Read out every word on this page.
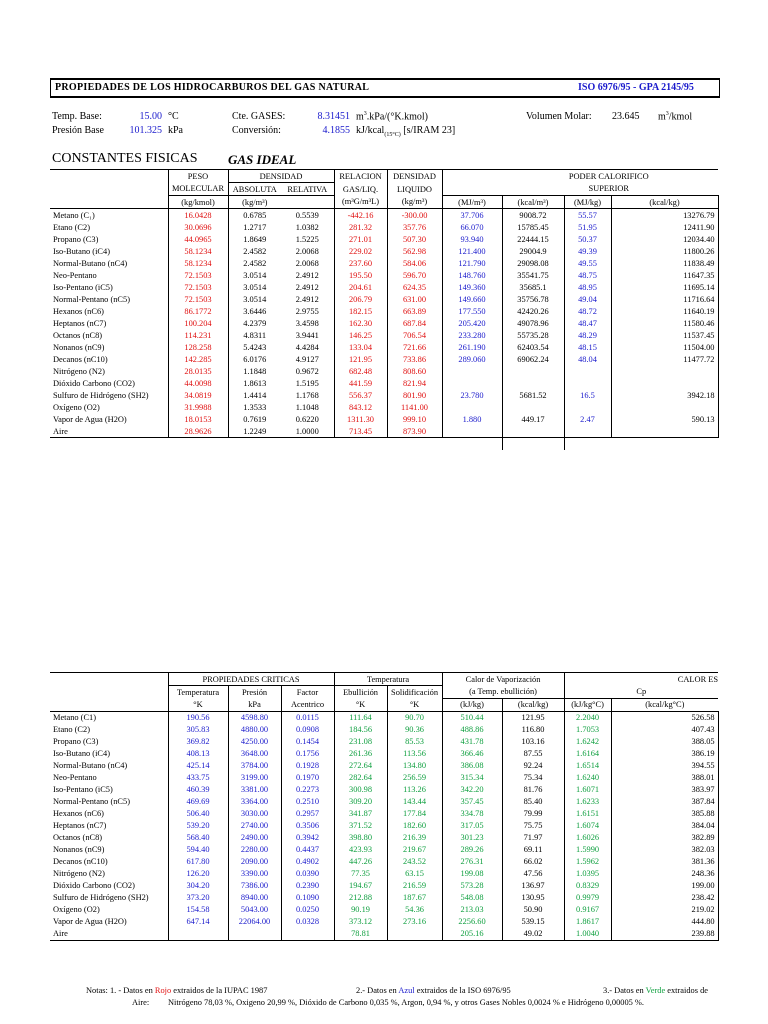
PROPIEDADES DE LOS HIDROCARBUROS DEL GAS NATURAL	ISO 6976/95 - GPA 2145/95
Temp. Base:	15.00 °C
Presión Base	101.325 kPa
Cte. GASES:	8.31451 $m^3.kPa/(^\circ K.kmol)$
Conversión:	4.1855 kJ/kcal$_{(15^\circ C)}$ [s/IRAM 23]
Volumen Molar: 23.645 $m^3$/kmol
CONSTANTES FISICAS GAS IDEAL
	PESO	DENSIDAD		RELACION	DENSIDAD	PODER CALORIFICO			
	MOLECULAR	ABSOLUTA	RELATIVA	GAS/LIQ.	LIQUIDO	SUPERIOR			
	(kg/kmol)	(kg/m³)		(m³G/m³L)	(kg/m³)	(MJ/m³)	(kcal/m³)	(MJ/kg)	(kcal/kg)
Metano (C₁)	16.0428	0.6785	0.5539	-442.16	-300.00	37.706	9008.72	55.57	13276.79
Etano (C2)	30.0696	1.2717	1.0382	281.32	357.76	66.070	15785.45	51.95	12411.90
Propano (C3)	44.0965	1.8649	1.5225	271.01	507.30	93.940	22444.15	50.37	12034.40
Iso-Butano (iC4)	58.1234	2.4582	2.0068	229.02	562.98	121.400	29004.9	49.39	11800.26
Normal-Butano (nC4)	58.1234	2.4582	2.0068	237.60	584.06	121.790	29098.08	49.55	11838.49
Neo-Pentano	72.1503	3.0514	2.4912	195.50	596.70	148.760	35541.75	48.75	11647.35
Iso-Pentano (iC5)	72.1503	3.0514	2.4912	204.61	624.35	149.360	35685.1	48.95	11695.14
Normal-Pentano (nC5)	72.1503	3.0514	2.4912	206.79	631.00	149.660	35756.78	49.04	11716.64
Hexanos (nC6)	86.1772	3.6446	2.9755	182.15	663.89	177.550	42420.26	48.72	11640.19
Heptanos (nC7)	100.204	4.2379	3.4598	162.30	687.84	205.420	49078.96	48.47	11580.46
Octanos (nC8)	114.231	4.8311	3.9441	146.25	706.54	233.280	55735.28	48.29	11537.45
Nonanos (nC9)	128.258	5.4243	4.4284	133.04	721.66	261.190	62403.54	48.15	11504.00
Decanos (nC10)	142.285	6.0176	4.9127	121.95	733.86	289.060	69062.24	48.04	11477.72
Nitrógeno (N2)	28.0135	1.1848	0.9672	682.48	808.60				
Dióxido Carbono (CO2)	44.0098	1.8613	1.5195	441.59	821.94				
Sulfuro de Hidrógeno (SH2)	34.0819	1.4414	1.1768	556.37	801.90	23.780	5681.52	16.5	3942.18
Oxígeno (O2)	31.9988	1.3533	1.1048	843.12	1141.00				
Vapor de Agua (H2O)	18.0153	0.7619	0.6220	1311.30	999.10	1.880	449.17	2.47	590.13
Aire	28.9626	1.2249	1.0000	713.45	873.90				

	PROPIEDADES CRITICAS			Temperatura		Calor de Vaporización		CALOR ES	
	Temperatura	Presión	Factor	Ebullición	Solidificación	(a Temp. ebullición)		Cp	
	°K	kPa	Acentrico	°K	°K	(kJ/kg)	(kcal/kg)	(kJ/kg°C)	(kcal/kg°C)
Metano (C1)	190.56	4598.80	0.0115	111.64	90.70	510.44	121.95	2.2040	526.58
Etano (C2)	305.83	4880.00	0.0908	184.56	90.36	488.86	116.80	1.7053	407.43
Propano (C3)	369.82	4250.00	0.1454	231.08	85.53	431.78	103.16	1.6242	388.05
Iso-Butano (iC4)	408.13	3648.00	0.1756	261.36	113.56	366.46	87.55	1.6164	386.19
Normal-Butano (nC4)	425.14	3784.00	0.1928	272.64	134.80	386.08	92.24	1.6514	394.55
Neo-Pentano	433.75	3199.00	0.1970	282.64	256.59	315.34	75.34	1.6240	388.01
Iso-Pentano (iC5)	460.39	3381.00	0.2273	300.98	113.26	342.20	81.76	1.6071	383.97
Normal-Pentano (nC5)	469.69	3364.00	0.2510	309.20	143.44	357.45	85.40	1.6233	387.84
Hexanos (nC6)	506.40	3030.00	0.2957	341.87	177.84	334.78	79.99	1.6151	385.88
Heptanos (nC7)	539.20	2740.00	0.3506	371.52	182.60	317.05	75.75	1.6074	384.04
Octanos (nC8)	568.40	2490.00	0.3942	398.80	216.39	301.23	71.97	1.6026	382.89
Nonanos (nC9)	594.40	2280.00	0.4437	423.93	219.67	289.26	69.11	1.5990	382.03
Decanos (nC10)	617.80	2090.00	0.4902	447.26	243.52	276.31	66.02	1.5962	381.36
Nitrógeno (N2)	126.20	3390.00	0.0390	77.35	63.15	199.08	47.56	1.0395	248.36
Dióxido Carbono (CO2)	304.20	7386.00	0.2390	194.67	216.59	573.28	136.97	0.8329	199.00
Sulfuro de Hidrógeno (SH2)	373.20	8940.00	0.1090	212.88	187.67	548.08	130.95	0.9979	238.42
Oxígeno (O2)	154.58	5043.00	0.0250	90.19	54.36	213.03	50.90	0.9167	219.02
Vapor de Agua (H2O)	647.14	22064.00	0.0328	373.12	273.16	2256.60	539.15	1.8617	444.80
Aire				78.81		205.16	49.02	1.0040	239.88
Notas: 1. - Datos en Rojo extraidos de la IUPAC 1987	2.- Datos en Azul extraidos de la ISO 6976/95	3.- Datos en Verde extraidos de
Aire: Nitrógeno 78,03 %, Oxigeno 20,99 %, Dióxido de Carbono 0,035 %, Argon, 0,94 %, y otros Gases Nobles 0,0024 % e Hidrógeno 0,00005 %.
